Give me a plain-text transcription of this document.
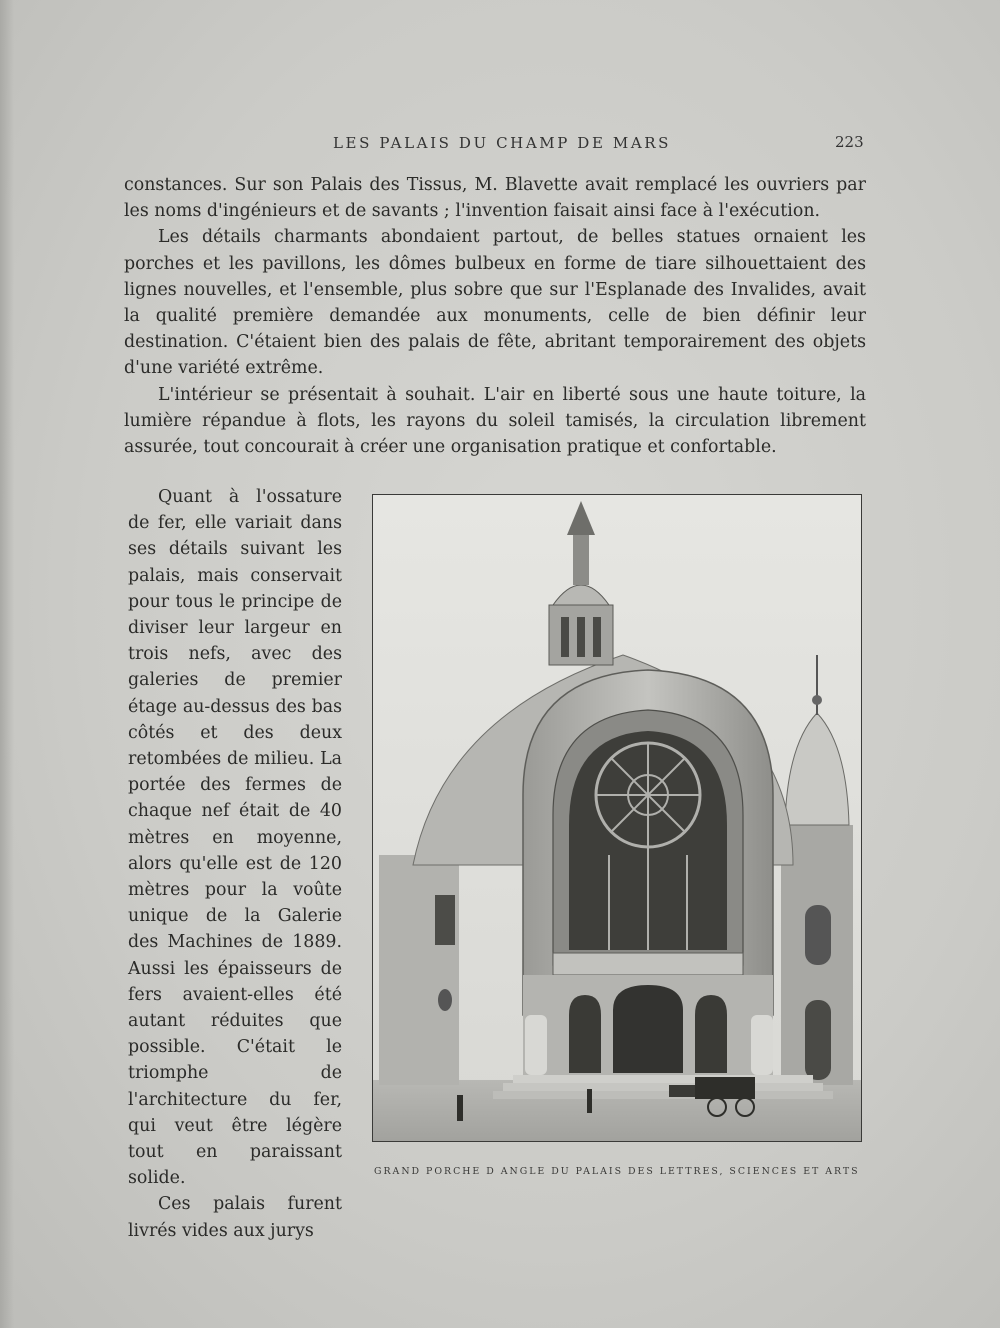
LES PALAIS DU CHAMP DE MARS	223

constances. Sur son Palais des Tissus, M. Blavette avait remplacé les ouvriers par les noms d'ingénieurs et de savants ; l'invention faisait ainsi face à l'exécution.

Les détails charmants abondaient partout, de belles statues ornaient les porches et les pavillons, les dômes bulbeux en forme de tiare silhouettaient des lignes nouvelles, et l'ensemble, plus sobre que sur l'Esplanade des Invalides, avait la qualité première demandée aux monuments, celle de bien définir leur destination. C'étaient bien des palais de fête, abritant temporairement des objets d'une variété extrême.

L'intérieur se présentait à souhait. L'air en liberté sous une haute toiture, la lumière répandue à flots, les rayons du soleil tamisés, la circulation librement assurée, tout concourait à créer une organisation pratique et confortable.

Quant à l'ossature de fer, elle variait dans ses détails suivant les palais, mais conservait pour tous le principe de diviser leur largeur en trois nefs, avec des galeries de premier étage au-dessus des bas côtés et des deux retombées de milieu. La portée des fermes de chaque nef était de 40 mètres en moyenne, alors qu'elle est de 120 mètres pour la voûte unique de la Galerie des Machines de 1889. Aussi les épaisseurs de fers avaient-elles été autant réduites que possible. C'était le triomphe de l'architecture du fer, qui veut être légère tout en paraissant solide.

Ces palais furent livrés vides aux jurys

GRAND PORCHE D ANGLE DU PALAIS DES LETTRES, SCIENCES ET ARTS
